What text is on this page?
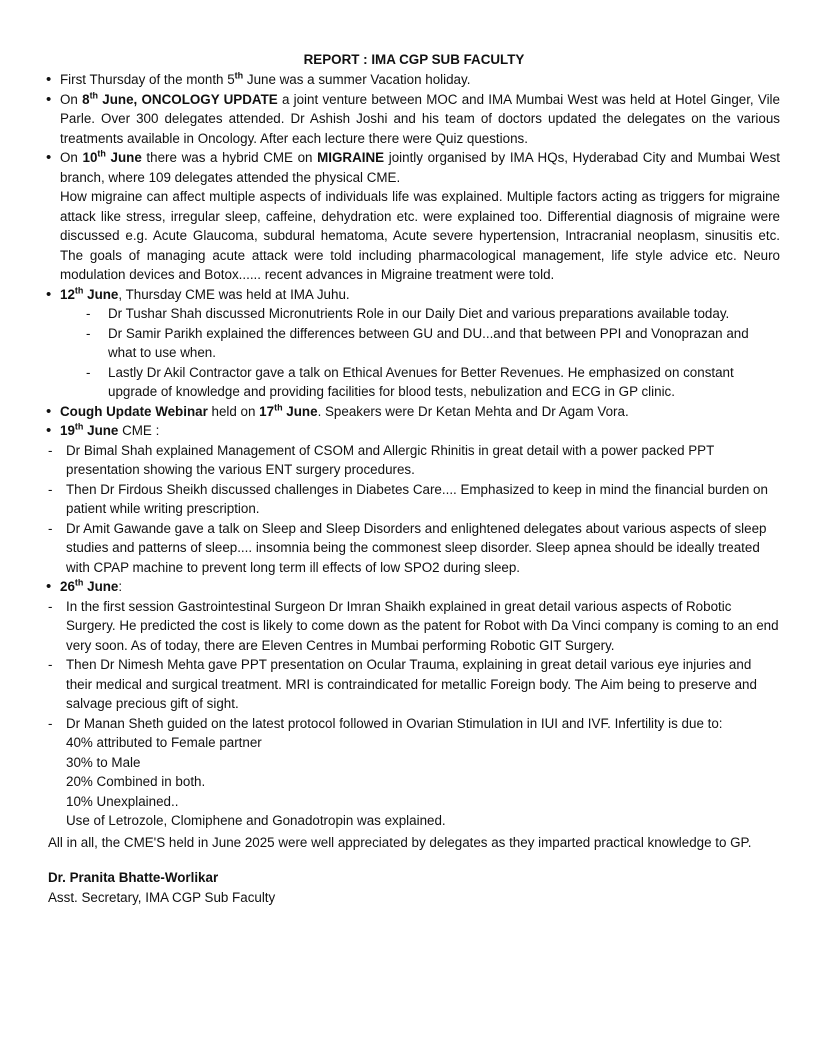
REPORT : IMA CGP SUB FACULTY
• First Thursday of the month 5th June was a summer Vacation holiday.
• On 8th June, ONCOLOGY UPDATE a joint venture between MOC and IMA Mumbai West was held at Hotel Ginger, Vile Parle. Over 300 delegates attended. Dr Ashish Joshi and his team of doctors updated the delegates on the various treatments available in Oncology. After each lecture there were Quiz questions.
• On 10th June there was a hybrid CME on MIGRAINE jointly organised by IMA HQs, Hyderabad City and Mumbai West branch, where 109 delegates attended the physical CME.
How migraine can affect multiple aspects of individuals life was explained. Multiple factors acting as triggers for migraine attack like stress, irregular sleep, caffeine, dehydration etc. were explained too. Differential diagnosis of migraine were discussed e.g. Acute Glaucoma, subdural hematoma, Acute severe hypertension, Intracranial neoplasm, sinusitis etc. The goals of managing acute attack were told including pharmacological management, life style advice etc. Neuro modulation devices and Botox...... recent advances in Migraine treatment were told.
• 12th June, Thursday CME was held at IMA Juhu.
- Dr Tushar Shah discussed Micronutrients Role in our Daily Diet and various preparations available today.
- Dr Samir Parikh explained the differences between GU and DU...and that between PPI and Vonoprazan and what to use when.
- Lastly Dr Akil Contractor gave a talk on Ethical Avenues for Better Revenues. He emphasized on constant upgrade of knowledge and providing facilities for blood tests, nebulization and ECG in GP clinic.
• Cough Update Webinar held on 17th June. Speakers were Dr Ketan Mehta and Dr Agam Vora.
• 19th June CME :
- Dr Bimal Shah explained Management of CSOM and Allergic Rhinitis in great detail with a power packed PPT presentation showing the various ENT surgery procedures.
- Then Dr Firdous Sheikh discussed challenges in Diabetes Care.... Emphasized to keep in mind the financial burden on patient while writing prescription.
- Dr Amit Gawande gave a talk on Sleep and Sleep Disorders and enlightened delegates about various aspects of sleep studies and patterns of sleep.... insomnia being the commonest sleep disorder. Sleep apnea should be ideally treated with CPAP machine to prevent long term ill effects of low SPO2 during sleep.
• 26th June:
- In the first session Gastrointestinal Surgeon Dr Imran Shaikh explained in great detail various aspects of Robotic Surgery. He predicted the cost is likely to come down as the patent for Robot with Da Vinci company is coming to an end very soon. As of today, there are Eleven Centres in Mumbai performing Robotic GIT Surgery.
- Then Dr Nimesh Mehta gave PPT presentation on Ocular Trauma, explaining in great detail various eye injuries and their medical and surgical treatment. MRI is contraindicated for metallic Foreign body. The Aim being to preserve and salvage precious gift of sight.
- Dr Manan Sheth guided on the latest protocol followed in Ovarian Stimulation in IUI and IVF. Infertility is due to:
40% attributed to Female partner
30% to Male
20% Combined in both.
10% Unexplained..
Use of Letrozole, Clomiphene and Gonadotropin was explained.
All in all, the CME'S held in June 2025 were well appreciated by delegates as they imparted practical knowledge to GP.
Dr. Pranita Bhatte-Worlikar
Asst. Secretary, IMA CGP Sub Faculty
